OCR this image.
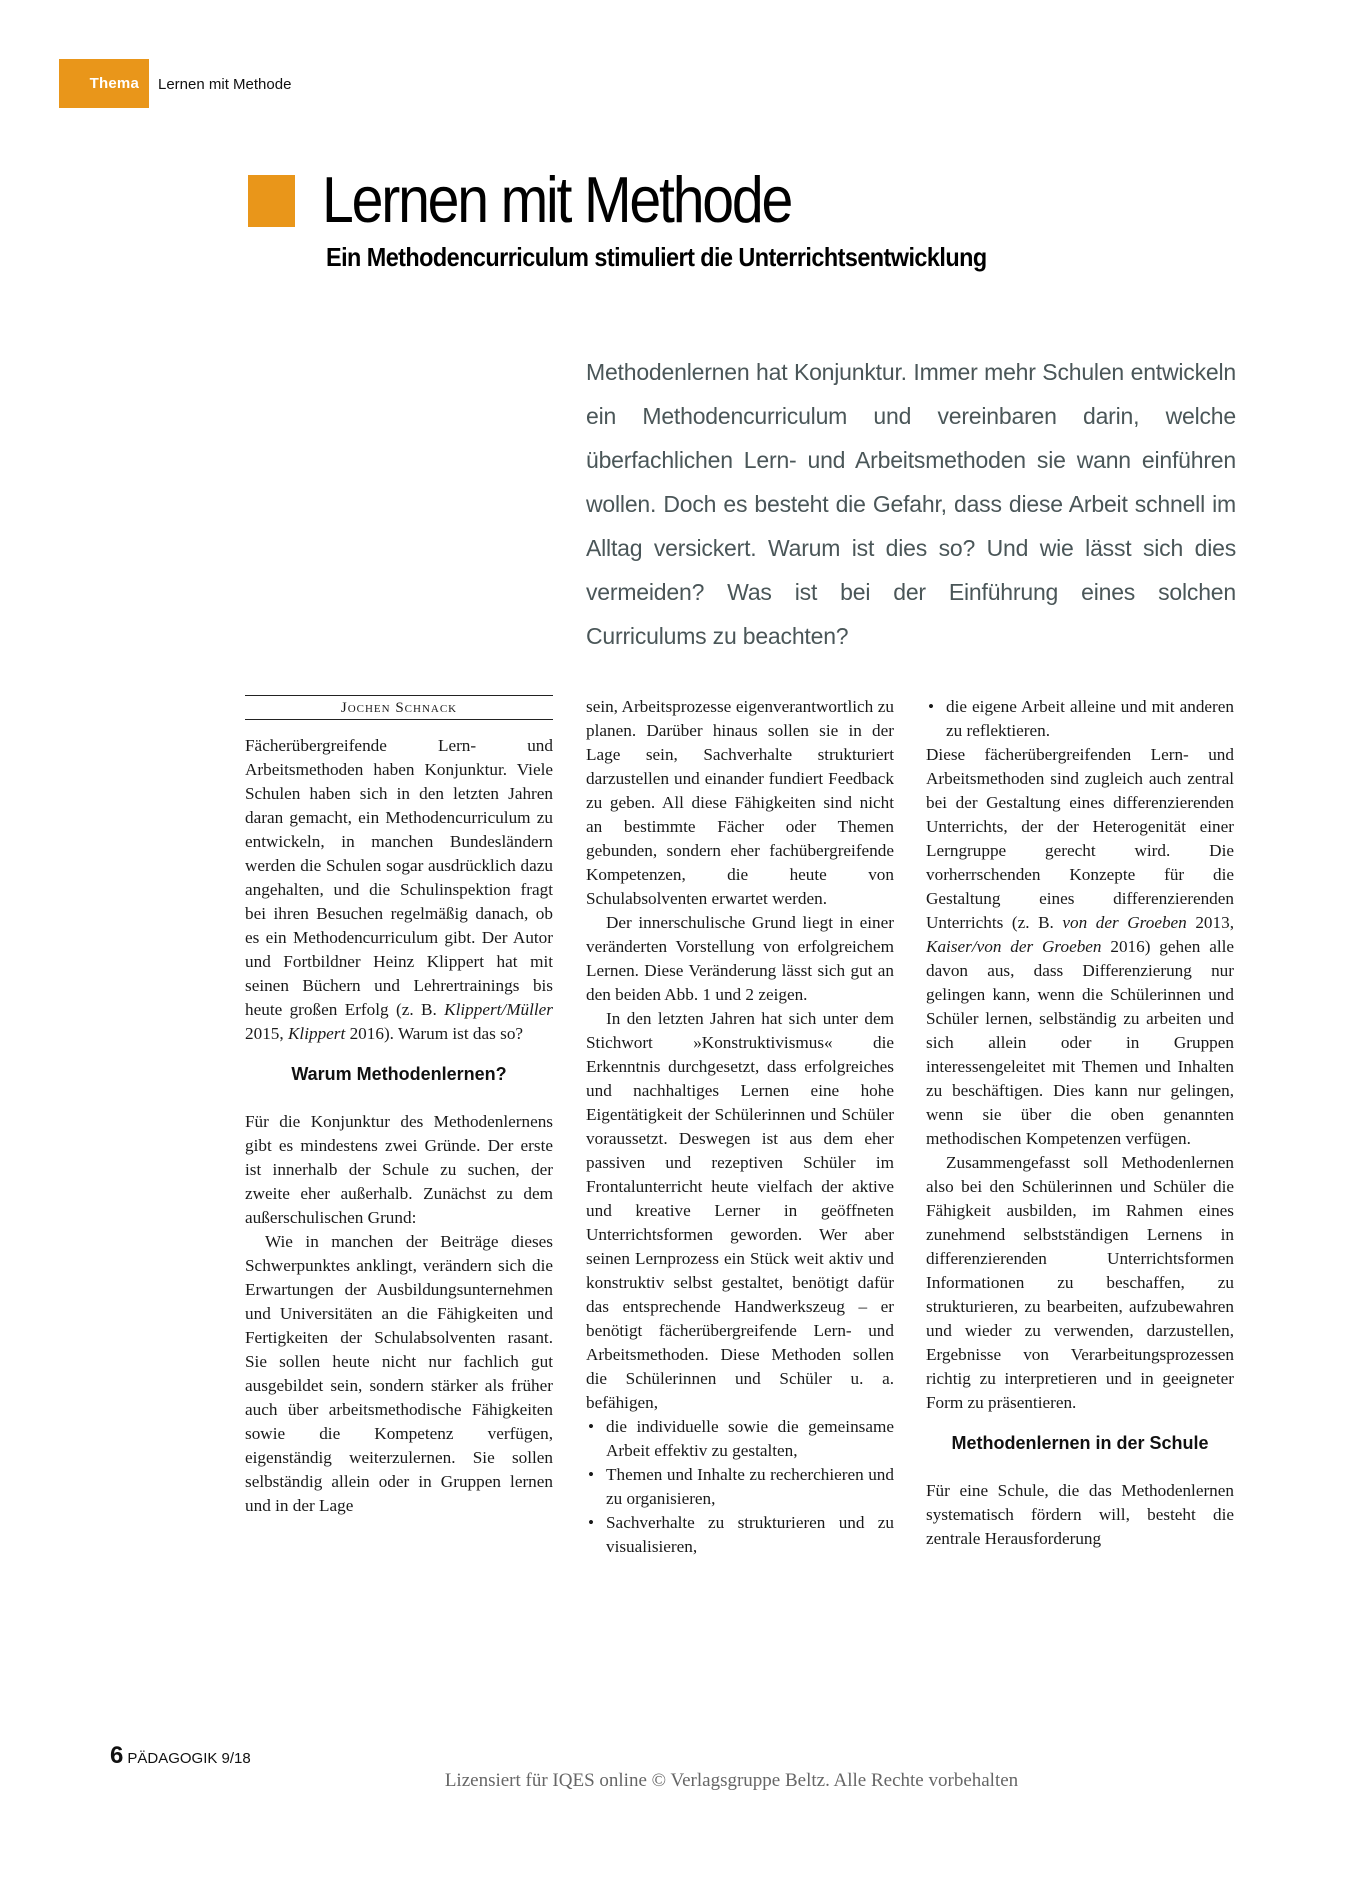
Thema Lernen mit Methode
Lernen mit Methode
Ein Methodencurriculum stimuliert die Unterrichtsentwicklung

Methodenlernen hat Konjunktur. Immer mehr Schulen entwickeln ein Methodencurriculum und vereinbaren darin, welche überfachlichen Lern- und Arbeitsmethoden sie wann einführen wollen. Doch es besteht die Gefahr, dass diese Arbeit schnell im Alltag versickert. Warum ist dies so? Und wie lässt sich dies vermeiden? Was ist bei der Einführung eines solchen Curriculums zu beachten?

Jochen Schnack

Fächerübergreifende Lern- und Arbeitsmethoden haben Konjunktur. Viele Schulen haben sich in den letzten Jahren daran gemacht, ein Methodencurriculum zu entwickeln, in manchen Bundesländern werden die Schulen sogar ausdrücklich dazu angehalten, und die Schulinspektion fragt bei ihren Besuchen regelmäßig danach, ob es ein Methodencurriculum gibt. Der Autor und Fortbildner Heinz Klippert hat mit seinen Büchern und Lehrertrainings bis heute großen Erfolg (z. B. Klippert/Müller 2015, Klippert 2016). Warum ist das so?

Warum Methodenlernen?

Für die Konjunktur des Methodenlernens gibt es mindestens zwei Gründe. Der erste ist innerhalb der Schule zu suchen, der zweite eher außerhalb. Zunächst zu dem außerschulischen Grund:

Wie in manchen der Beiträge dieses Schwerpunktes anklingt, verändern sich die Erwartungen der Ausbildungsunternehmen und Universitäten an die Fähigkeiten und Fertigkeiten der Schulabsolventen rasant. Sie sollen heute nicht nur fachlich gut ausgebildet sein, sondern stärker als früher auch über arbeitsmethodische Fähigkeiten sowie die Kompetenz verfügen, eigenständig weiterzulernen. Sie sollen selbständig allein oder in Gruppen lernen und in der Lage

sein, Arbeitsprozesse eigenverantwortlich zu planen. Darüber hinaus sollen sie in der Lage sein, Sachverhalte strukturiert darzustellen und einander fundiert Feedback zu geben. All diese Fähigkeiten sind nicht an bestimmte Fächer oder Themen gebunden, sondern eher fachübergreifende Kompetenzen, die heute von Schulabsolventen erwartet werden.

Der innerschulische Grund liegt in einer veränderten Vorstellung von erfolgreichem Lernen. Diese Veränderung lässt sich gut an den beiden Abb. 1 und 2 zeigen.

In den letzten Jahren hat sich unter dem Stichwort »Konstruktivismus« die Erkenntnis durchgesetzt, dass erfolgreiches und nachhaltiges Lernen eine hohe Eigentätigkeit der Schülerinnen und Schüler voraussetzt. Deswegen ist aus dem eher passiven und rezeptiven Schüler im Frontalunterricht heute vielfach der aktive und kreative Lerner in geöffneten Unterrichtsformen geworden. Wer aber seinen Lernprozess ein Stück weit aktiv und konstruktiv selbst gestaltet, benötigt dafür das entsprechende Handwerkszeug – er benötigt fächerübergreifende Lern- und Arbeitsmethoden. Diese Methoden sollen die Schülerinnen und Schüler u. a. befähigen,

• die individuelle sowie die gemeinsame Arbeit effektiv zu gestalten,
• Themen und Inhalte zu recherchieren und zu organisieren,
• Sachverhalte zu strukturieren und zu visualisieren,
• die eigene Arbeit alleine und mit anderen zu reflektieren.

Diese fächerübergreifenden Lern- und Arbeitsmethoden sind zugleich auch zentral bei der Gestaltung eines differenzierenden Unterrichts, der der Heterogenität einer Lerngruppe gerecht wird. Die vorherrschenden Konzepte für die Gestaltung eines differenzierenden Unterrichts (z. B. von der Groeben 2013, Kaiser/von der Groeben 2016) gehen alle davon aus, dass Differenzierung nur gelingen kann, wenn die Schülerinnen und Schüler lernen, selbständig zu arbeiten und sich allein oder in Gruppen interessengeleitet mit Themen und Inhalten zu beschäftigen. Dies kann nur gelingen, wenn sie über die oben genannten methodischen Kompetenzen verfügen.

Zusammengefasst soll Methodenlernen also bei den Schülerinnen und Schüler die Fähigkeit ausbilden, im Rahmen eines zunehmend selbstständigen Lernens in differenzierenden Unterrichtsformen Informationen zu beschaffen, zu strukturieren, zu bearbeiten, aufzubewahren und wieder zu verwenden, darzustellen, Ergebnisse von Verarbeitungsprozessen richtig zu interpretieren und in geeigneter Form zu präsentieren.

Methodenlernen in der Schule

Für eine Schule, die das Methodenlernen systematisch fördern will, besteht die zentrale Herausforderung

6 PÄDAGOGIK 9/18
Lizensiert für IQES online © Verlagsgruppe Beltz. Alle Rechte vorbehalten
